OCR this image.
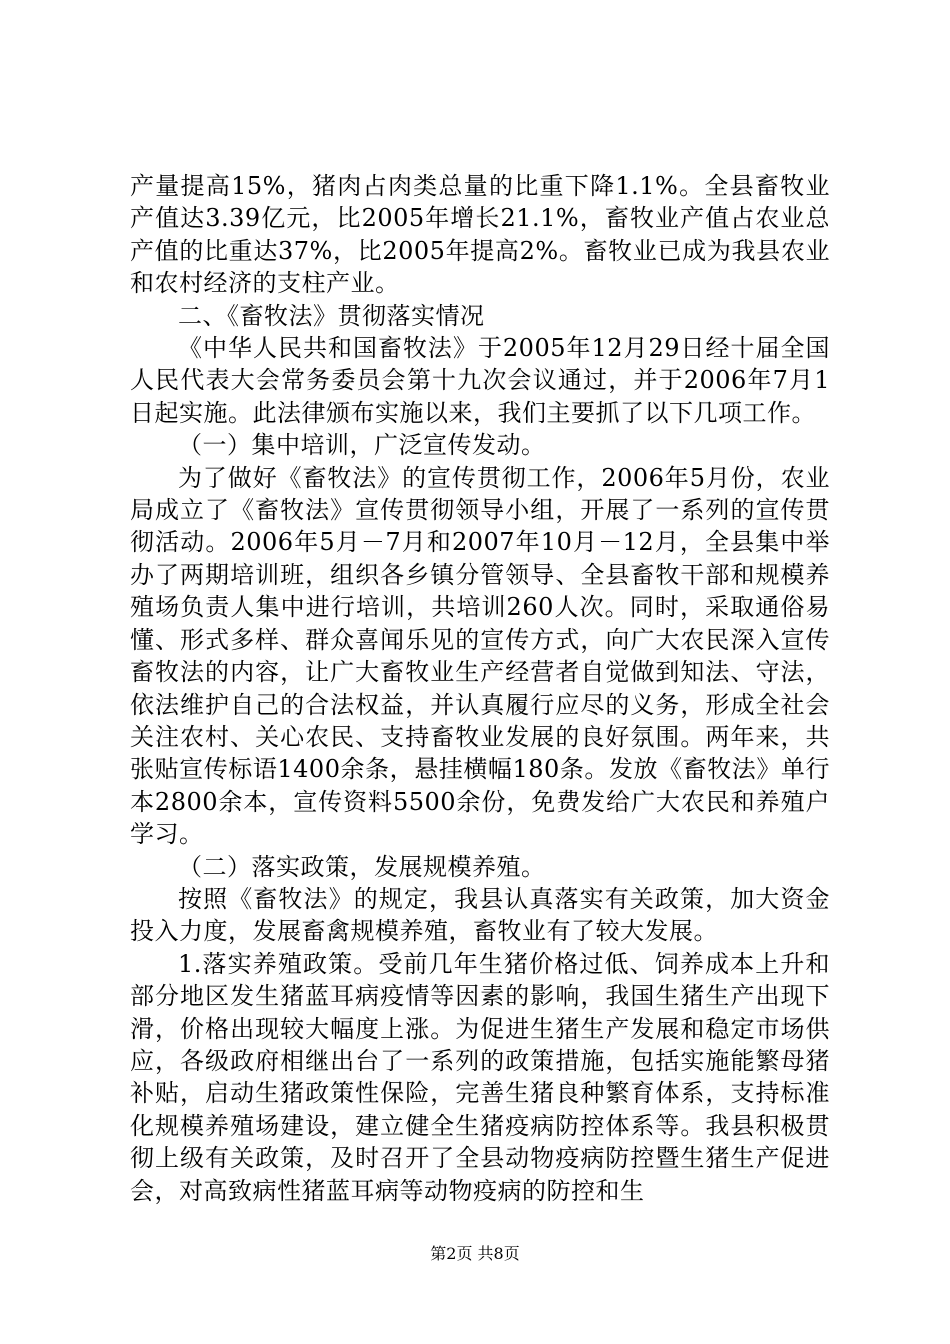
产量提高15%，猪肉占肉类总量的比重下降1.1%。全县畜牧业产值达3.39亿元，比2005年增长21.1%，畜牧业产值占农业总产值的比重达37%，比2005年提高2%。畜牧业已成为我县农业和农村经济的支柱产业。

二、《畜牧法》贯彻落实情况

《中华人民共和国畜牧法》于2005年12月29日经十届全国人民代表大会常务委员会第十九次会议通过，并于2006年7月1日起实施。此法律颁布实施以来，我们主要抓了以下几项工作。

（一）集中培训，广泛宣传发动。

为了做好《畜牧法》的宣传贯彻工作，2006年5月份，农业局成立了《畜牧法》宣传贯彻领导小组，开展了一系列的宣传贯彻活动。2006年5月－7月和2007年10月－12月，全县集中举办了两期培训班，组织各乡镇分管领导、全县畜牧干部和规模养殖场负责人集中进行培训，共培训260人次。同时，采取通俗易懂、形式多样、群众喜闻乐见的宣传方式，向广大农民深入宣传畜牧法的内容，让广大畜牧业生产经营者自觉做到知法、守法，依法维护自己的合法权益，并认真履行应尽的义务，形成全社会关注农村、关心农民、支持畜牧业发展的良好氛围。两年来，共张贴宣传标语1400余条，悬挂横幅180条。发放《畜牧法》单行本2800余本，宣传资料5500余份，免费发给广大农民和养殖户学习。

（二）落实政策，发展规模养殖。

按照《畜牧法》的规定，我县认真落实有关政策，加大资金投入力度，发展畜禽规模养殖，畜牧业有了较大发展。

1.落实养殖政策。受前几年生猪价格过低、饲养成本上升和部分地区发生猪蓝耳病疫情等因素的影响，我国生猪生产出现下滑，价格出现较大幅度上涨。为促进生猪生产发展和稳定市场供应，各级政府相继出台了一系列的政策措施，包括实施能繁母猪补贴，启动生猪政策性保险，完善生猪良种繁育体系，支持标准化规模养殖场建设，建立健全生猪疫病防控体系等。我县积极贯彻上级有关政策，及时召开了全县动物疫病防控暨生猪生产促进会，对高致病性猪蓝耳病等动物疫病的防控和生

第2页 共8页
